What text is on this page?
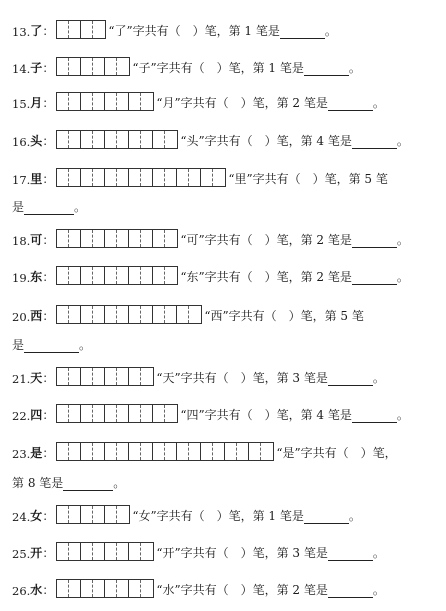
13. 了 ：	“了”字共有（　）笔，第 1 笔是	。
14. 子 ：	“子”字共有（　）笔，第 1 笔是	。
15. 月 ：	“月”字共有（　）笔，第 2 笔是	。
16. 头 ：	“头”字共有（　）笔，第 4 笔是	。
17. 里 ：	“里”字共有（　）笔，第 5 笔
是	。
18. 可 ：	“可”字共有（　）笔，第 2 笔是	。
19. 东 ：	“东”字共有（　）笔，第 2 笔是	。
20. 西 ：	“西”字共有（　）笔，第 5 笔
是	。
21. 天 ：	“天”字共有（　）笔，第 3 笔是	。
22. 四 ：	“四”字共有（　）笔，第 4 笔是	。
23. 是 ：	“是”字共有（　）笔，
第 8 笔是	。
24. 女 ：	“女”字共有（　）笔，第 1 笔是	。
25. 开 ：	“开”字共有（　）笔，第 3 笔是	。
26. 水 ：	“水”字共有（　）笔，第 2 笔是	。
